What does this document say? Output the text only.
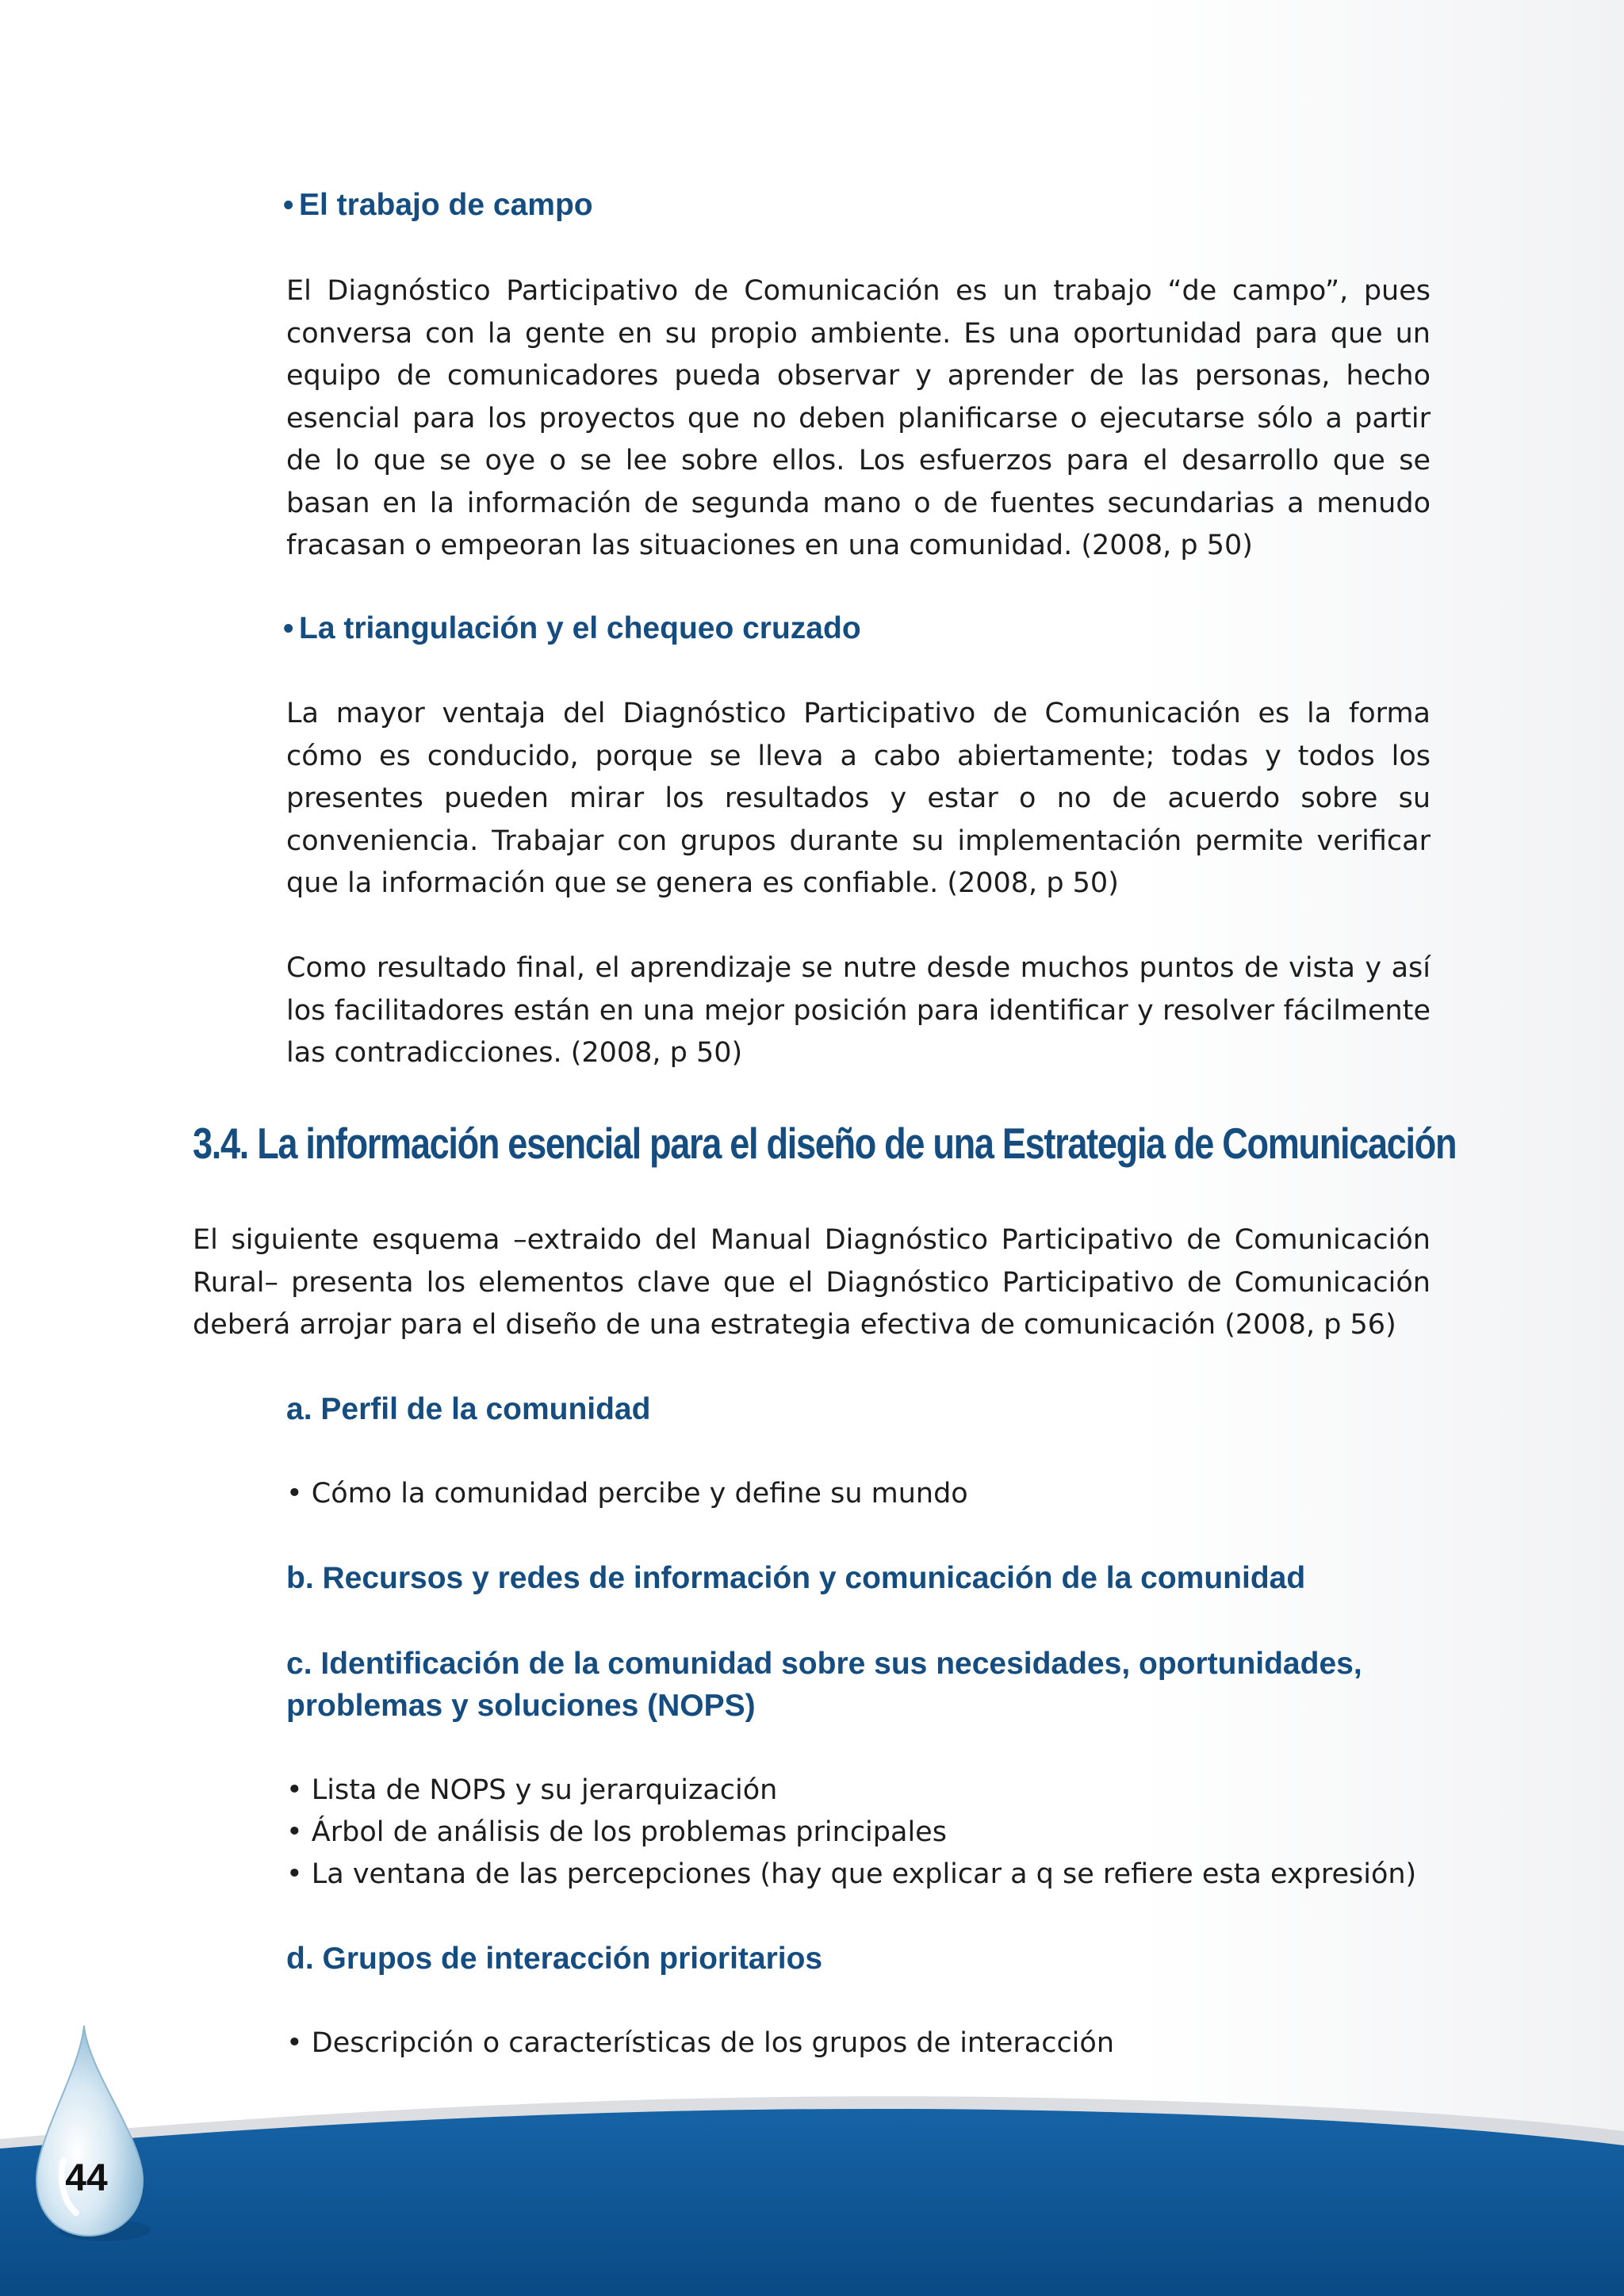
• El trabajo de campo

El Diagnóstico Participativo de Comunicación es un trabajo “de campo”, pues conversa con la gente en su propio ambiente. Es una oportunidad para que un equipo de comunicadores pueda observar y aprender de las personas, hecho esencial para los proyectos que no deben planificarse o ejecutarse sólo a partir de lo que se oye o se lee sobre ellos. Los esfuerzos para el desarrollo que se basan en la información de segunda mano o de fuentes secundarias a menudo fracasan o empeoran las situaciones en una comunidad. (2008, p 50)

• La triangulación y el chequeo cruzado

La mayor ventaja del Diagnóstico Participativo de Comunicación es la forma cómo es conducido, porque se lleva a cabo abiertamente; todas y todos los presentes pueden mirar los resultados y estar o no de acuerdo sobre su conveniencia. Trabajar con grupos durante su implementación permite verificar que la información que se genera es confiable. (2008, p 50)

Como resultado final, el aprendizaje se nutre desde muchos puntos de vista y así los facilitadores están en una mejor posición para identificar y resolver fácilmente las contradicciones. (2008, p 50)

3.4. La información esencial para el diseño de una Estrategia de Comunicación

El siguiente esquema –extraido del Manual Diagnóstico Participativo de Comunicación Rural– presenta los elementos clave que el Diagnóstico Participativo de Comunicación deberá arrojar para el diseño de una estrategia efectiva de comunicación (2008, p 56)

a. Perfil de la comunidad

• Cómo la comunidad percibe y define su mundo

b. Recursos y redes de información y comunicación de la comunidad
c. Identificación de la comunidad sobre sus necesidades, oportunidades,
problemas y soluciones (NOPS)

• Lista de NOPS y su jerarquización

• Árbol de análisis de los problemas principales

• La ventana de las percepciones (hay que explicar a q se refiere esta expresión)

d. Grupos de interacción prioritarios

• Descripción o características de los grupos de interacción

44
